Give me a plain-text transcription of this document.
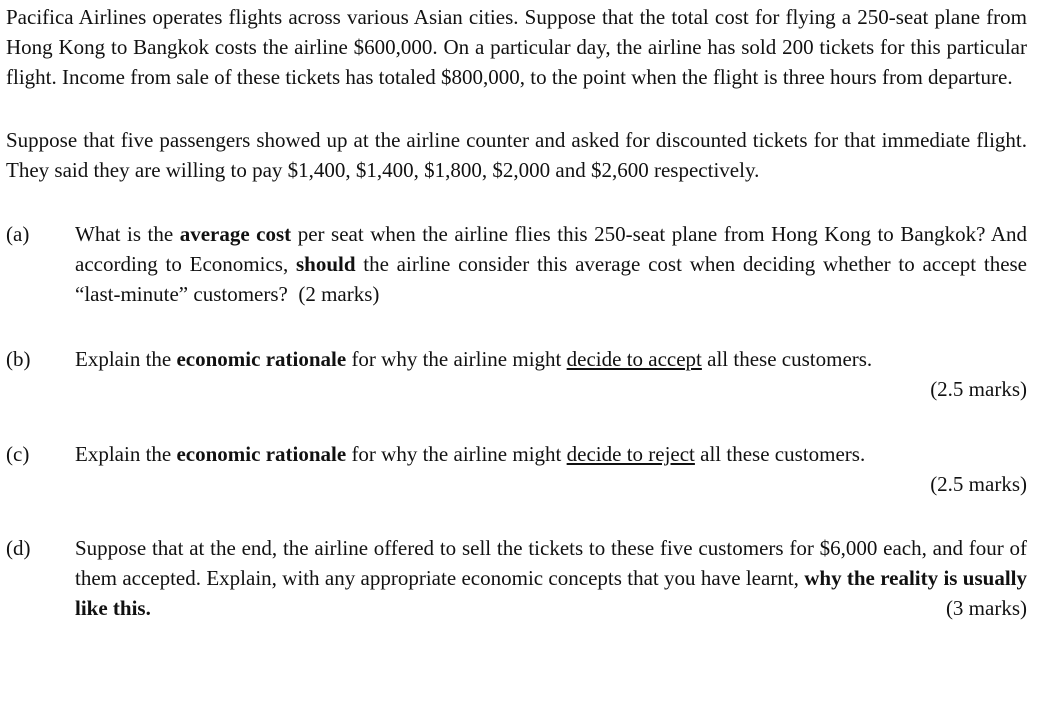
Pacifica Airlines operates flights across various Asian cities. Suppose that the total cost for flying a 250-seat plane from Hong Kong to Bangkok costs the airline $600,000. On a particular day, the airline has sold 200 tickets for this particular flight. Income from sale of these tickets has totaled $800,000, to the point when the flight is three hours from departure.

Suppose that five passengers showed up at the airline counter and asked for discounted tickets for that immediate flight. They said they are willing to pay $1,400, $1,400, $1,800, $2,000 and $2,600 respectively.

(a) What is the average cost per seat when the airline flies this 250-seat plane from Hong Kong to Bangkok? And according to Economics, should the airline consider this average cost when deciding whether to accept these “last-minute” customers? (2 marks)
(b) Explain the economic rationale for why the airline might decide to accept all these customers.
(2.5 marks)
(c) Explain the economic rationale for why the airline might decide to reject all these customers.
(2.5 marks)
(d) Suppose that at the end, the airline offered to sell the tickets to these five customers for $6,000 each, and four of them accepted. Explain, with any appropriate economic concepts that you have learnt, why the reality is usually like this.	(3 marks)
